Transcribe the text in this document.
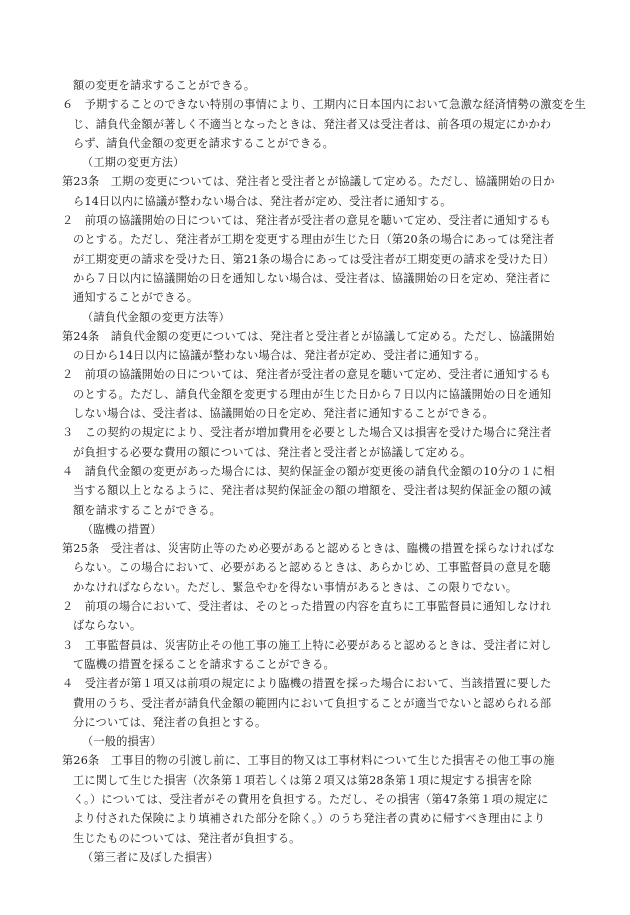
額の変更を請求することができる。
６　予期することのできない特別の事情により、工期内に日本国内において急激な経済情勢の激変を生
じ、請負代金額が著しく不適当となったときは、発注者又は受注者は、前各項の規定にかかわ
らず、請負代金額の変更を請求することができる。
（工期の変更方法）
第23条　工期の変更については、発注者と受注者とが協議して定める。ただし、協議開始の日か
ら14日以内に協議が整わない場合は、発注者が定め、受注者に通知する。
２　前項の協議開始の日については、発注者が受注者の意見を聴いて定め、受注者に通知するも
のとする。ただし、発注者が工期を変更する理由が生じた日（第20条の場合にあっては発注者
が工期変更の請求を受けた日、第21条の場合にあっては受注者が工期変更の請求を受けた日）
から７日以内に協議開始の日を通知しない場合は、受注者は、協議開始の日を定め、発注者に
通知することができる。
（請負代金額の変更方法等）
第24条　請負代金額の変更については、発注者と受注者とが協議して定める。ただし、協議開始
の日から14日以内に協議が整わない場合は、発注者が定め、受注者に通知する。
２　前項の協議開始の日については、発注者が受注者の意見を聴いて定め、受注者に通知するも
のとする。ただし、請負代金額を変更する理由が生じた日から７日以内に協議開始の日を通知
しない場合は、受注者は、協議開始の日を定め、発注者に通知することができる。
３　この契約の規定により、受注者が増加費用を必要とした場合又は損害を受けた場合に発注者
が負担する必要な費用の額については、発注者と受注者とが協議して定める。
４　請負代金額の変更があった場合には、契約保証金の額が変更後の請負代金額の10分の１に相
当する額以上となるように、発注者は契約保証金の額の増額を、受注者は契約保証金の額の減
額を請求することができる。
（臨機の措置）
第25条　受注者は、災害防止等のため必要があると認めるときは、臨機の措置を採らなければな
らない。この場合において、必要があると認めるときは、あらかじめ、工事監督員の意見を聴
かなければならない。ただし、緊急やむを得ない事情があるときは、この限りでない。
２　前項の場合において、受注者は、そのとった措置の内容を直ちに工事監督員に通知しなけれ
ばならない。
３　工事監督員は、災害防止その他工事の施工上特に必要があると認めるときは、受注者に対し
て臨機の措置を採ることを請求することができる。
４　受注者が第１項又は前項の規定により臨機の措置を採った場合において、当該措置に要した
費用のうち、受注者が請負代金額の範囲内において負担することが適当でないと認められる部
分については、発注者の負担とする。
（一般的損害）
第26条　工事目的物の引渡し前に、工事目的物又は工事材料について生じた損害その他工事の施
工に関して生じた損害（次条第１項若しくは第２項又は第28条第１項に規定する損害を除
く。）については、受注者がその費用を負担する。ただし、その損害（第47条第１項の規定に
より付された保険により填補された部分を除く。）のうち発注者の責めに帰すべき理由により
生じたものについては、発注者が負担する。
（第三者に及ぼした損害）
